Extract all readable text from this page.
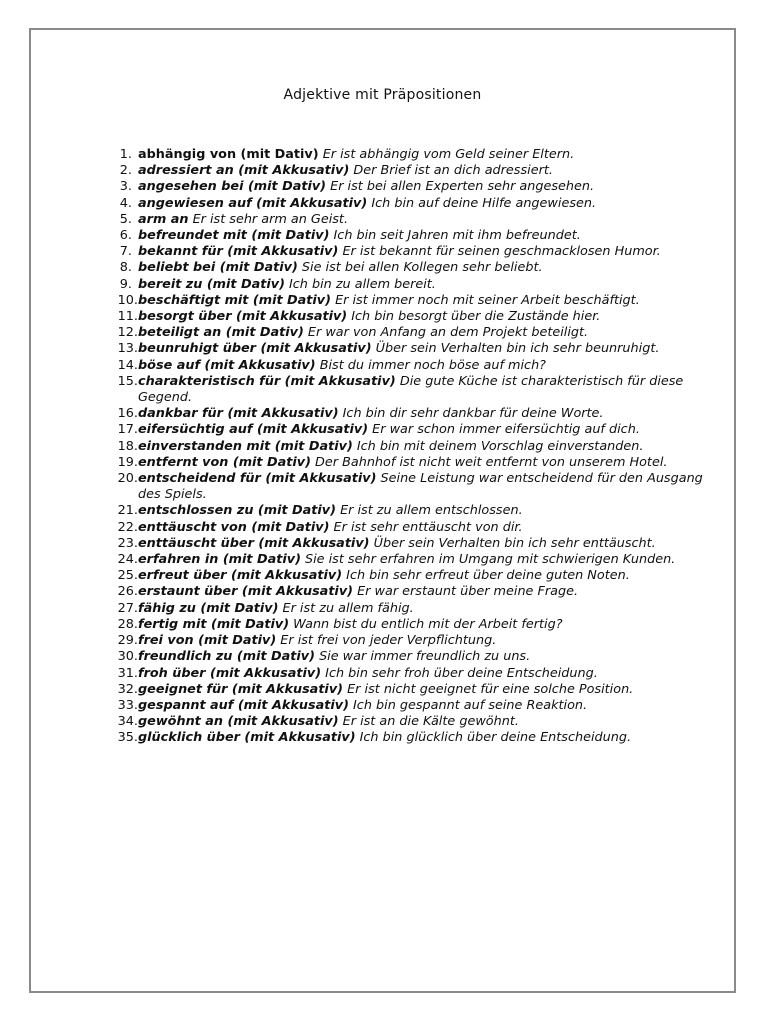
Adjektive mit Präpositionen
1. abhängig von (mit Dativ) Er ist abhängig vom Geld seiner Eltern.
2. adressiert an (mit Akkusativ) Der Brief ist an dich adressiert.
3. angesehen bei (mit Dativ) Er ist bei allen Experten sehr angesehen.
4. angewiesen auf (mit Akkusativ) Ich bin auf deine Hilfe angewiesen.
5. arm an Er ist sehr arm an Geist.
6. befreundet mit (mit Dativ) Ich bin seit Jahren mit ihm befreundet.
7. bekannt für (mit Akkusativ) Er ist bekannt für seinen geschmacklosen Humor.
8. beliebt bei (mit Dativ) Sie ist bei allen Kollegen sehr beliebt.
9. bereit zu (mit Dativ) Ich bin zu allem bereit.
10. beschäftigt mit (mit Dativ) Er ist immer noch mit seiner Arbeit beschäftigt.
11. besorgt über (mit Akkusativ) Ich bin besorgt über die Zustände hier.
12. beteiligt an (mit Dativ) Er war von Anfang an dem Projekt beteiligt.
13. beunruhigt über (mit Akkusativ) Über sein Verhalten bin ich sehr beunruhigt.
14. böse auf (mit Akkusativ) Bist du immer noch böse auf mich?
15. charakteristisch für (mit Akkusativ) Die gute Küche ist charakteristisch für diese Gegend.
16. dankbar für (mit Akkusativ) Ich bin dir sehr dankbar für deine Worte.
17. eifersüchtig auf (mit Akkusativ) Er war schon immer eifersüchtig auf dich.
18. einverstanden mit (mit Dativ) Ich bin mit deinem Vorschlag einverstanden.
19. entfernt von (mit Dativ) Der Bahnhof ist nicht weit entfernt von unserem Hotel.
20. entscheidend für (mit Akkusativ) Seine Leistung war entscheidend für den Ausgang des Spiels.
21. entschlossen zu (mit Dativ) Er ist zu allem entschlossen.
22. enttäuscht von (mit Dativ) Er ist sehr enttäuscht von dir.
23. enttäuscht über (mit Akkusativ) Über sein Verhalten bin ich sehr enttäuscht.
24. erfahren in (mit Dativ) Sie ist sehr erfahren im Umgang mit schwierigen Kunden.
25. erfreut über (mit Akkusativ) Ich bin sehr erfreut über deine guten Noten.
26. erstaunt über (mit Akkusativ) Er war erstaunt über meine Frage.
27. fähig zu (mit Dativ) Er ist zu allem fähig.
28. fertig mit (mit Dativ) Wann bist du entlich mit der Arbeit fertig?
29. frei von (mit Dativ) Er ist frei von jeder Verpflichtung.
30. freundlich zu (mit Dativ) Sie war immer freundlich zu uns.
31. froh über (mit Akkusativ) Ich bin sehr froh über deine Entscheidung.
32. geeignet für (mit Akkusativ) Er ist nicht geeignet für eine solche Position.
33. gespannt auf (mit Akkusativ) Ich bin gespannt auf seine Reaktion.
34. gewöhnt an (mit Akkusativ) Er ist an die Kälte gewöhnt.
35. glücklich über (mit Akkusativ) Ich bin glücklich über deine Entscheidung.
